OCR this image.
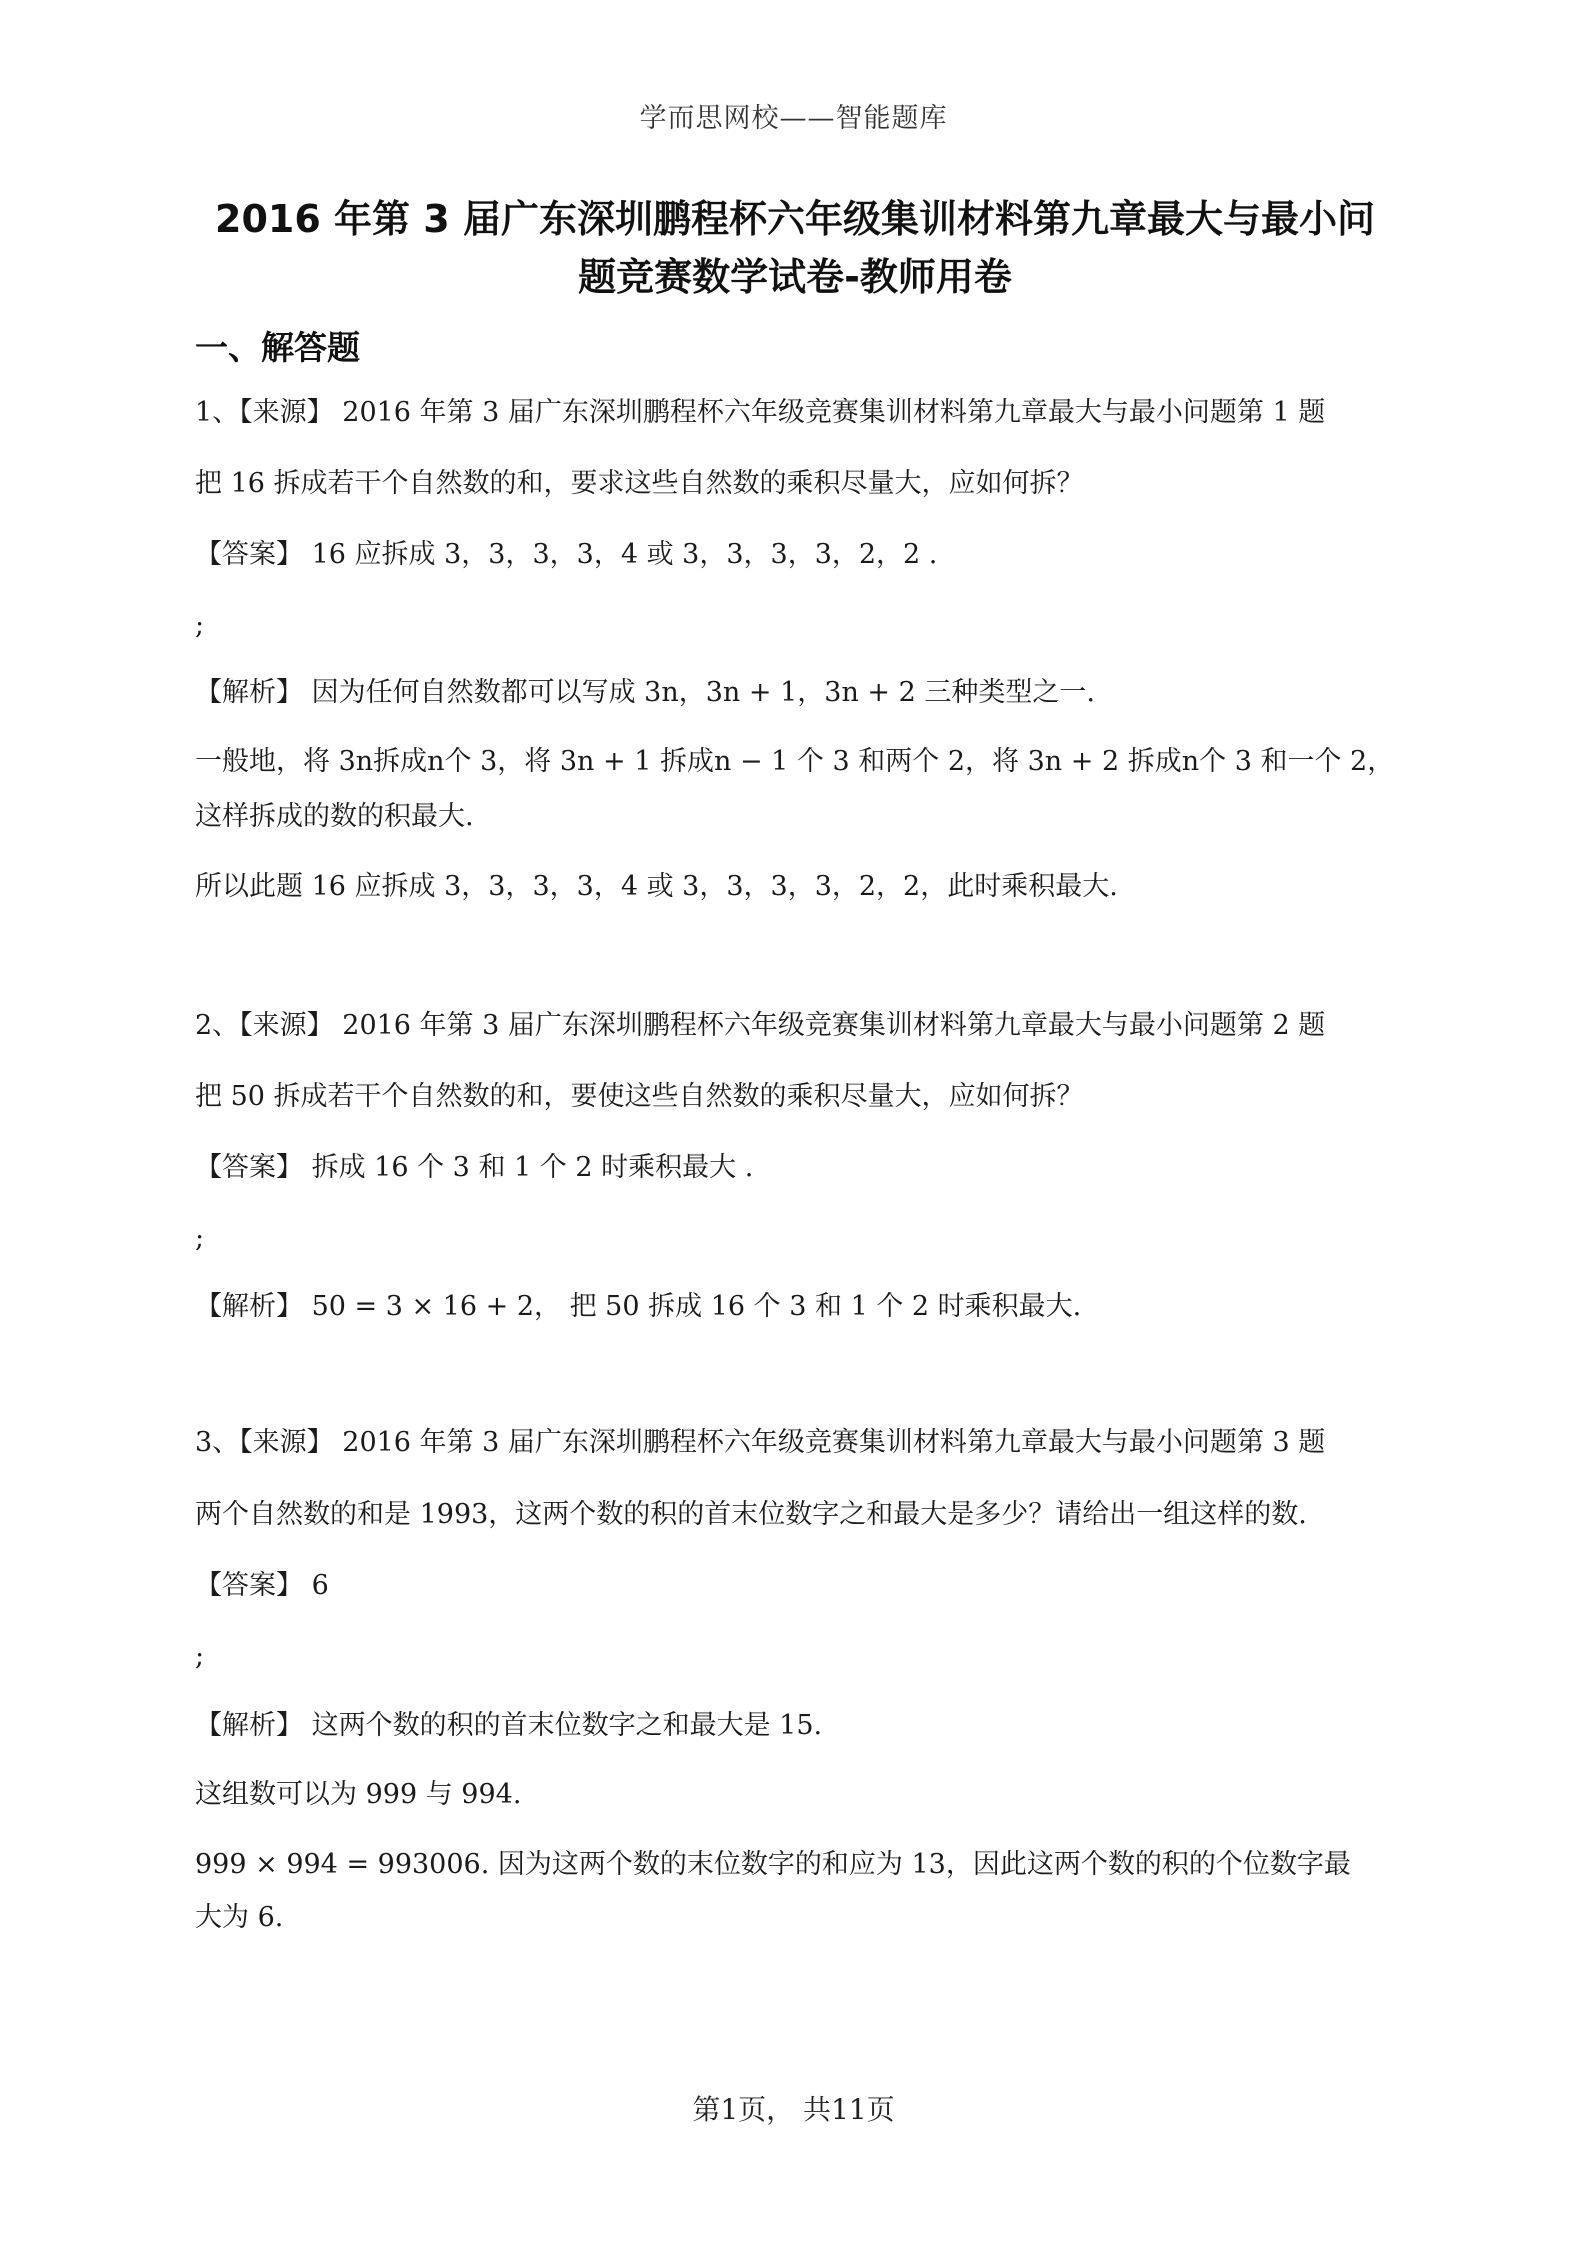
学而思网校——智能题库
2016 年第 3 届广东深圳鹏程杯六年级集训材料第九章最大与最小问
题竞赛数学试卷-教师用卷
一、解答题
1、【来源】 2016 年第 3 届广东深圳鹏程杯六年级竞赛集训材料第九章最大与最小问题第 1 题
把 16 拆成若干个自然数的和，要求这些自然数的乘积尽量大，应如何拆？
【答案】 16 应拆成 3，3，3，3，4 或 3，3，3，3，2，2 .
;
【解析】 因为任何自然数都可以写成 3n，3n + 1，3n + 2 三种类型之一.
一般地，将 3n拆成n个 3，将 3n + 1 拆成n − 1 个 3 和两个 2，将 3n + 2 拆成n个 3 和一个 2，
这样拆成的数的积最大.
所以此题 16 应拆成 3，3，3，3，4 或 3，3，3，3，2，2，此时乘积最大.
2、【来源】 2016 年第 3 届广东深圳鹏程杯六年级竞赛集训材料第九章最大与最小问题第 2 题
把 50 拆成若干个自然数的和，要使这些自然数的乘积尽量大，应如何拆？
【答案】 拆成 16 个 3 和 1 个 2 时乘积最大 .
;
【解析】 50 = 3 × 16 + 2， 把 50 拆成 16 个 3 和 1 个 2 时乘积最大.
3、【来源】 2016 年第 3 届广东深圳鹏程杯六年级竞赛集训材料第九章最大与最小问题第 3 题
两个自然数的和是 1993，这两个数的积的首末位数字之和最大是多少？请给出一组这样的数.
【答案】 6
;
【解析】 这两个数的积的首末位数字之和最大是 15.
这组数可以为 999 与 994.
999 × 994 = 993006. 因为这两个数的末位数字的和应为 13，因此这两个数的积的个位数字最
大为 6.
第1页， 共11页
